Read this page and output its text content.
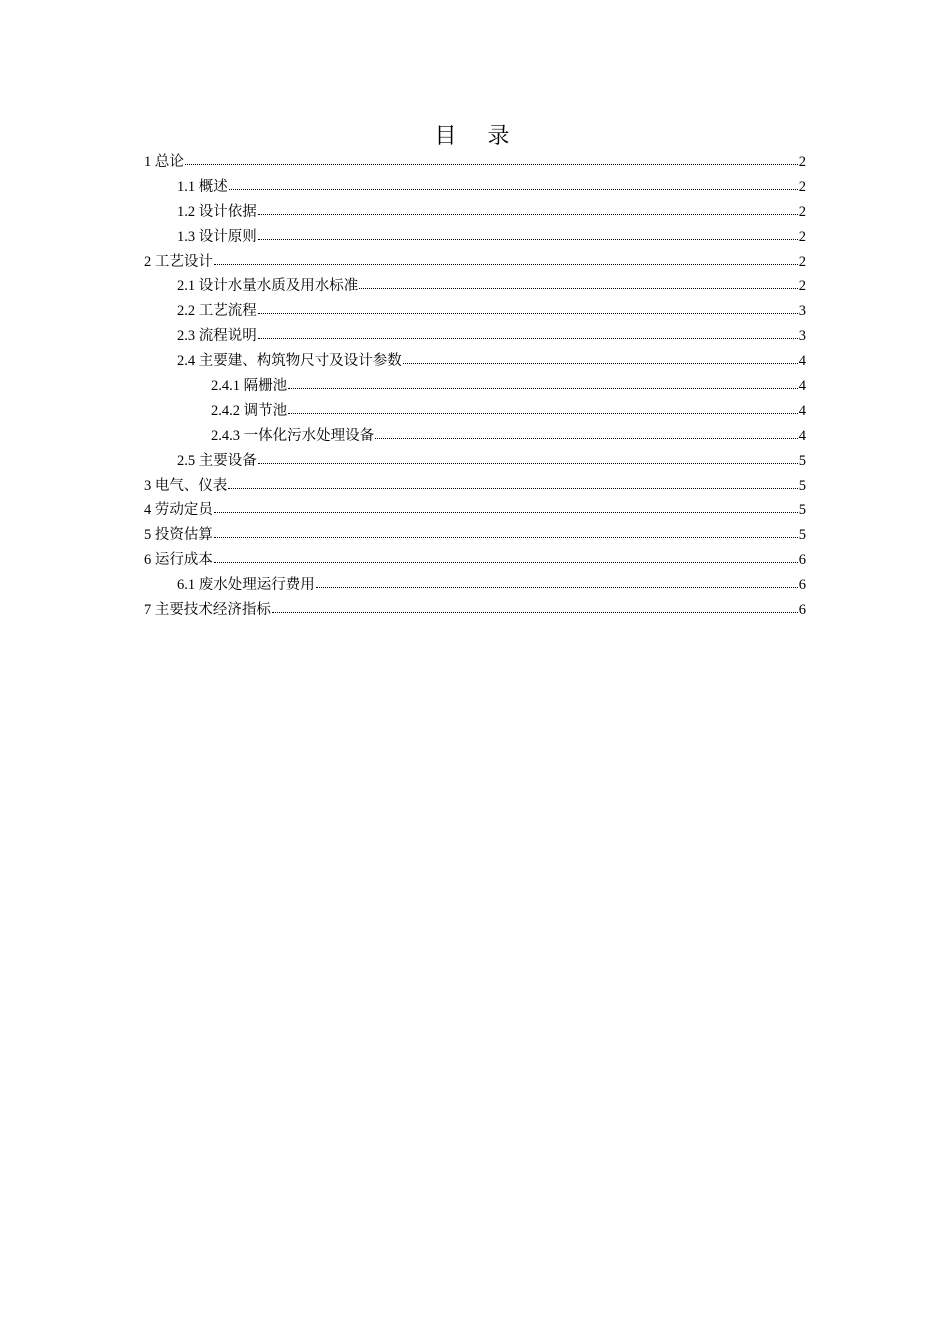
目 录
1 总论	2
1.1 概述	2
1.2 设计依据	2
1.3 设计原则	2
2 工艺设计	2
2.1 设计水量水质及用水标准	2
2.2 工艺流程	3
2.3 流程说明	3
2.4 主要建、构筑物尺寸及设计参数	4
2.4.1 隔栅池	4
2.4.2 调节池	4
2.4.3 一体化污水处理设备	4
2.5 主要设备	5
3 电气、仪表	5
4 劳动定员	5
5 投资估算	5
6 运行成本	6
6.1 废水处理运行费用	6
7 主要技术经济指标	6
